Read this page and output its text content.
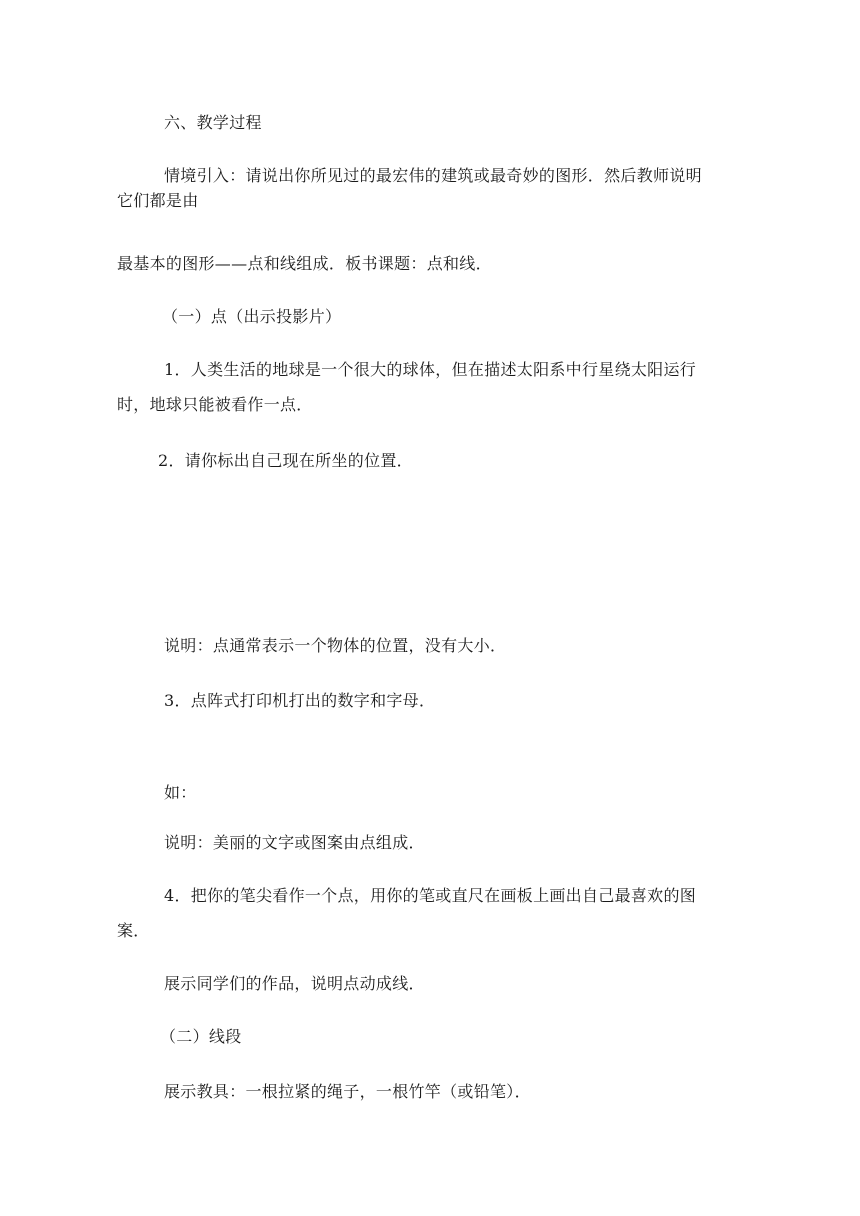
六、教学过程
情境引入：请说出你所见过的最宏伟的建筑或最奇妙的图形．然后教师说明
它们都是由
最基本的图形——点和线组成．板书课题：点和线．
（一）点（出示投影片）
1．人类生活的地球是一个很大的球体，但在描述太阳系中行星绕太阳运行
时，地球只能被看作一点．
2．请你标出自己现在所坐的位置．
说明：点通常表示一个物体的位置，没有大小．
3．点阵式打印机打出的数字和字母．
如：
说明：美丽的文字或图案由点组成．
4．把你的笔尖看作一个点，用你的笔或直尺在画板上画出自己最喜欢的图
案．
展示同学们的作品，说明点动成线．
（二）线段
展示教具：一根拉紧的绳子，一根竹竿（或铅笔）．
